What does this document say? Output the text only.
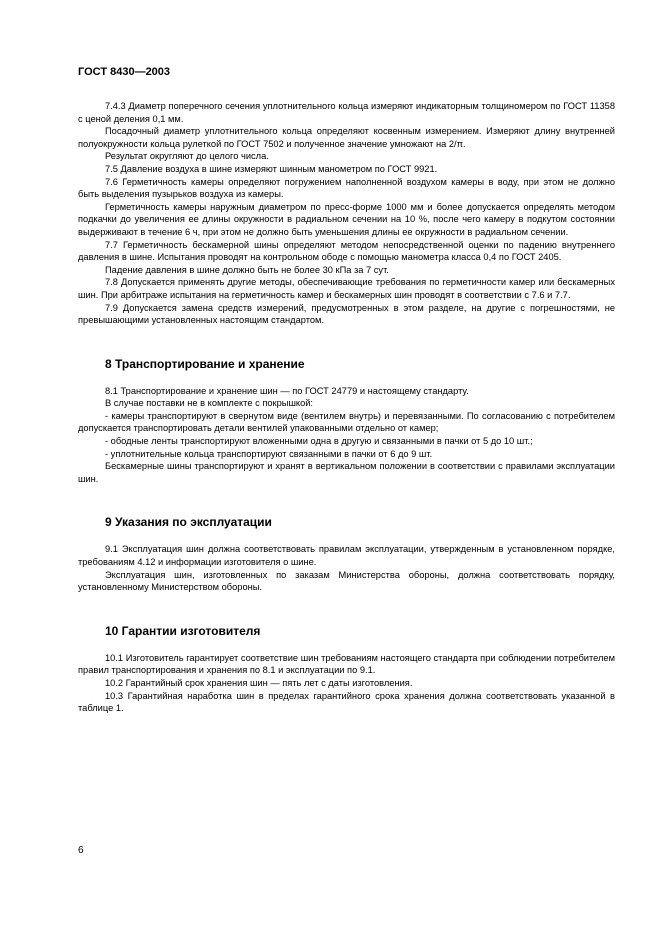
ГОСТ 8430—2003

7.4.3 Диаметр поперечного сечения уплотнительного кольца измеряют индикаторным толщиномером по ГОСТ 11358 с ценой деления 0,1 мм.

Посадочный диаметр уплотнительного кольца определяют косвенным измерением. Измеряют длину внутренней полуокружности кольца рулеткой по ГОСТ 7502 и полученное значение умножают на 2/π.

Результат округляют до целого числа.

7.5 Давление воздуха в шине измеряют шинным манометром по ГОСТ 9921.

7.6 Герметичность камеры определяют погружением наполненной воздухом камеры в воду, при этом не должно быть выделения пузырьков воздуха из камеры.

Герметичность камеры наружным диаметром по пресс-форме 1000 мм и более допускается определять методом подкачки до увеличения ее длины окружности в радиальном сечении на 10 %, после чего камеру в подкутом состоянии выдерживают в течение 6 ч, при этом не должно быть уменьшения длины ее окружности в радиальном сечении.

7.7 Герметичность бескамерной шины определяют методом непосредственной оценки по падению внутреннего давления в шине. Испытания проводят на контрольном ободе с помощью манометра класса 0,4 по ГОСТ 2405.

Падение давления в шине должно быть не более 30 кПа за 7 сут.

7.8 Допускается применять другие методы, обеспечивающие требования по герметичности камер или бескамерных шин. При арбитраже испытания на герметичность камер и бескамерных шин проводят в соответствии с 7.6 и 7.7.

7.9 Допускается замена средств измерений, предусмотренных в этом разделе, на другие с погрешностями, не превышающими установленных настоящим стандартом.

8 Транспортирование и хранение

8.1 Транспортирование и хранение шин — по ГОСТ 24779 и настоящему стандарту.

В случае поставки не в комплекте с покрышкой:

- камеры транспортируют в свернутом виде (вентилем внутрь) и перевязанными. По согласованию с потребителем допускается транспортировать детали вентилей упакованными отдельно от камер;

- ободные ленты транспортируют вложенными одна в другую и связанными в пачки от 5 до 10 шт.;

- уплотнительные кольца транспортируют связанными в пачки от 6 до 9 шт.

Бескамерные шины транспортируют и хранят в вертикальном положении в соответствии с правилами эксплуатации шин.

9 Указания по эксплуатации

9.1 Эксплуатация шин должна соответствовать правилам эксплуатации, утвержденным в установленном порядке, требованиям 4.12 и информации изготовителя о шине.

Эксплуатация шин, изготовленных по заказам Министерства обороны, должна соответствовать порядку, установленному Министерством обороны.

10 Гарантии изготовителя

10.1 Изготовитель гарантирует соответствие шин требованиям настоящего стандарта при соблюдении потребителем правил транспортирования и хранения по 8.1 и эксплуатации по 9.1.

10.2 Гарантийный срок хранения шин — пять лет с даты изготовления.

10.3 Гарантийная наработка шин в пределах гарантийного срока хранения должна соответствовать указанной в таблице 1.

6
